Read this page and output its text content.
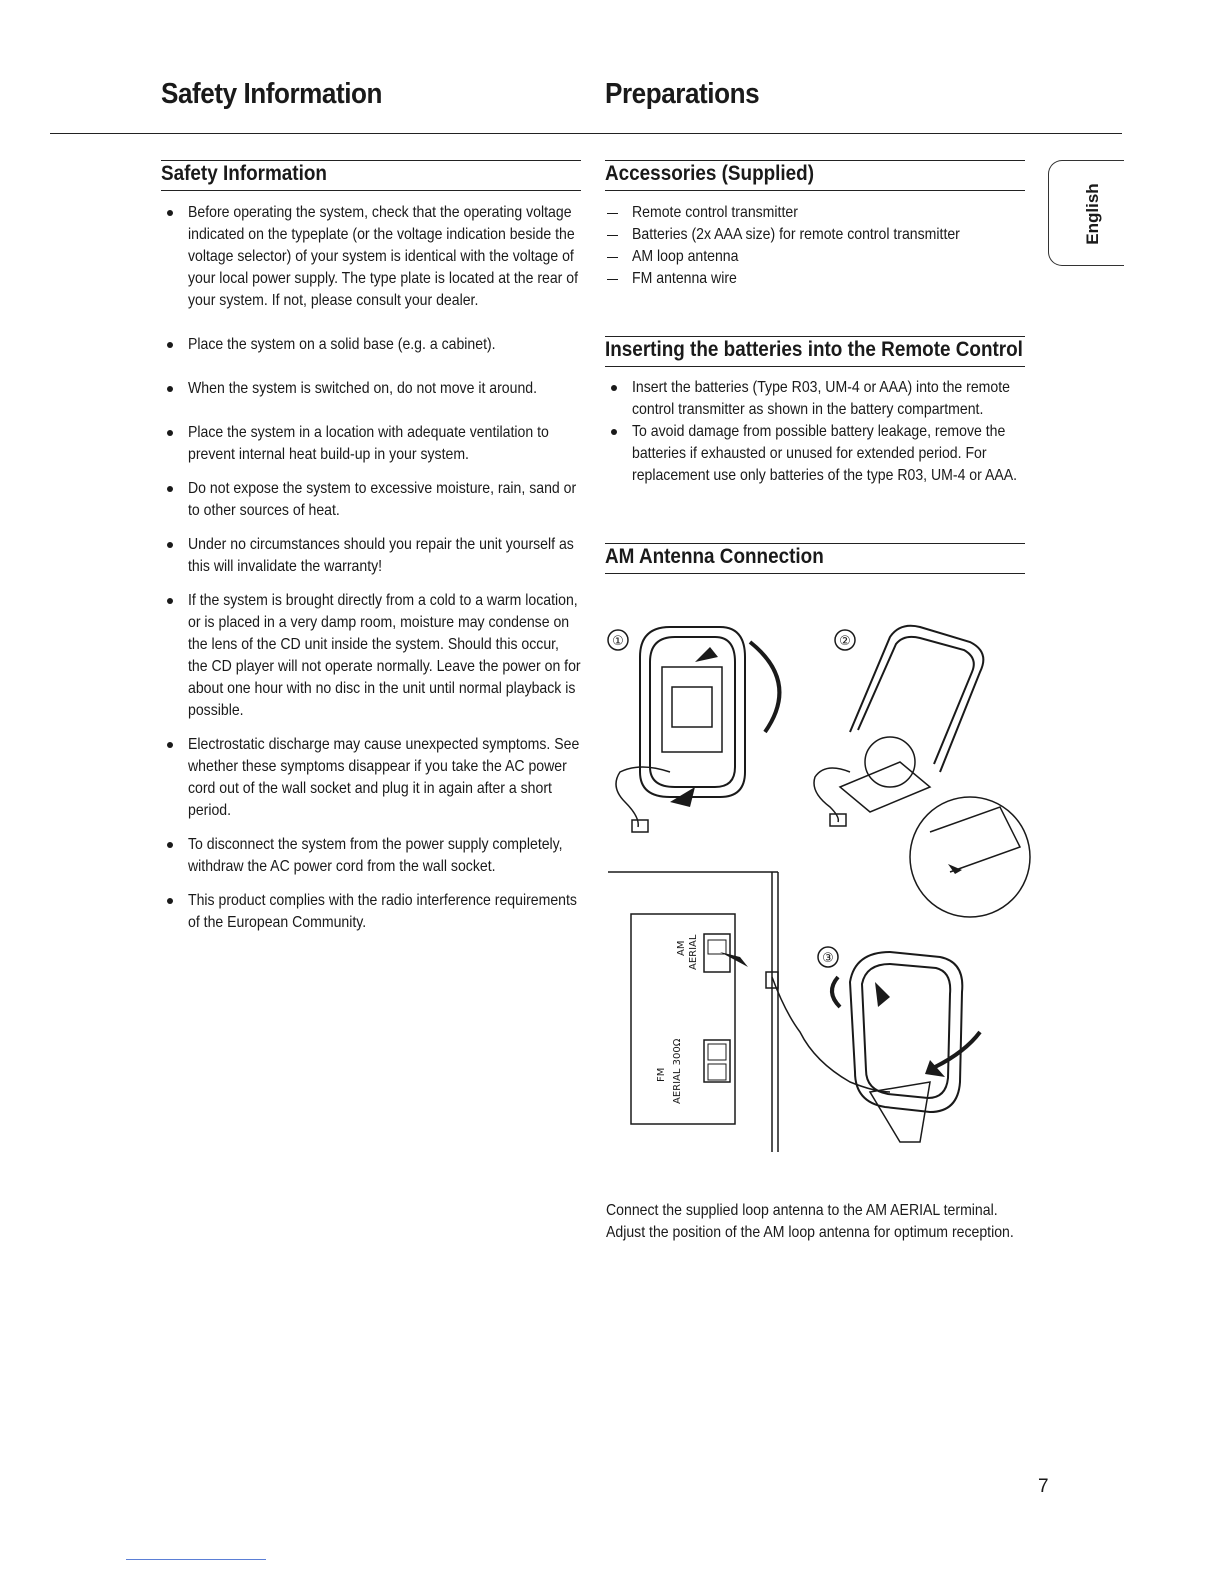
Safety Information	Preparations
English
Safety Information
Before operating the system, check that the operating voltage indicated on the typeplate (or the voltage indication beside the voltage selector) of your system is identical with the voltage of your local power supply. The type plate is located at the rear of your system. If not, please consult your dealer.
Place the system on a solid base (e.g. a cabinet).
When the system is switched on, do not move it around.
Place the system in a location with adequate ventilation to prevent internal heat build-up in your system.
Do not expose the system to excessive moisture, rain, sand or to other sources of heat.
Under no circumstances should you repair the unit yourself as this will invalidate the warranty!
If the system is brought directly from a cold to a warm location, or is placed in a very damp room, moisture may condense on the lens of the CD unit inside the system. Should this occur, the CD player will not operate normally. Leave the power on for about one hour with no disc in the unit until normal playback is possible.
Electrostatic discharge may cause unexpected symptoms. See whether these symptoms disappear if you take the AC power cord out of the wall socket and plug it in again after a short period.
To disconnect the system from the power supply completely, withdraw the AC power cord from the wall socket.
This product complies with the radio interference requirements of the European Community.
Accessories (Supplied)
Remote control transmitter
Batteries (2x AAA size) for remote control transmitter
AM loop antenna
FM antenna wire
Inserting the batteries into the Remote Control
Insert the batteries (Type R03, UM-4 or AAA) into the remote control transmitter as shown in the battery compartment.
To avoid damage from possible battery leakage, remove the batteries if exhausted or unused for extended period. For replacement use only batteries of the type R03, UM-4 or AAA.
AM Antenna Connection
①	②
AM AERIAL
FM AERIAL 300Ω
③
Connect the supplied loop antenna to the AM AERIAL terminal. Adjust the position of the AM loop antenna for optimum reception.
7
